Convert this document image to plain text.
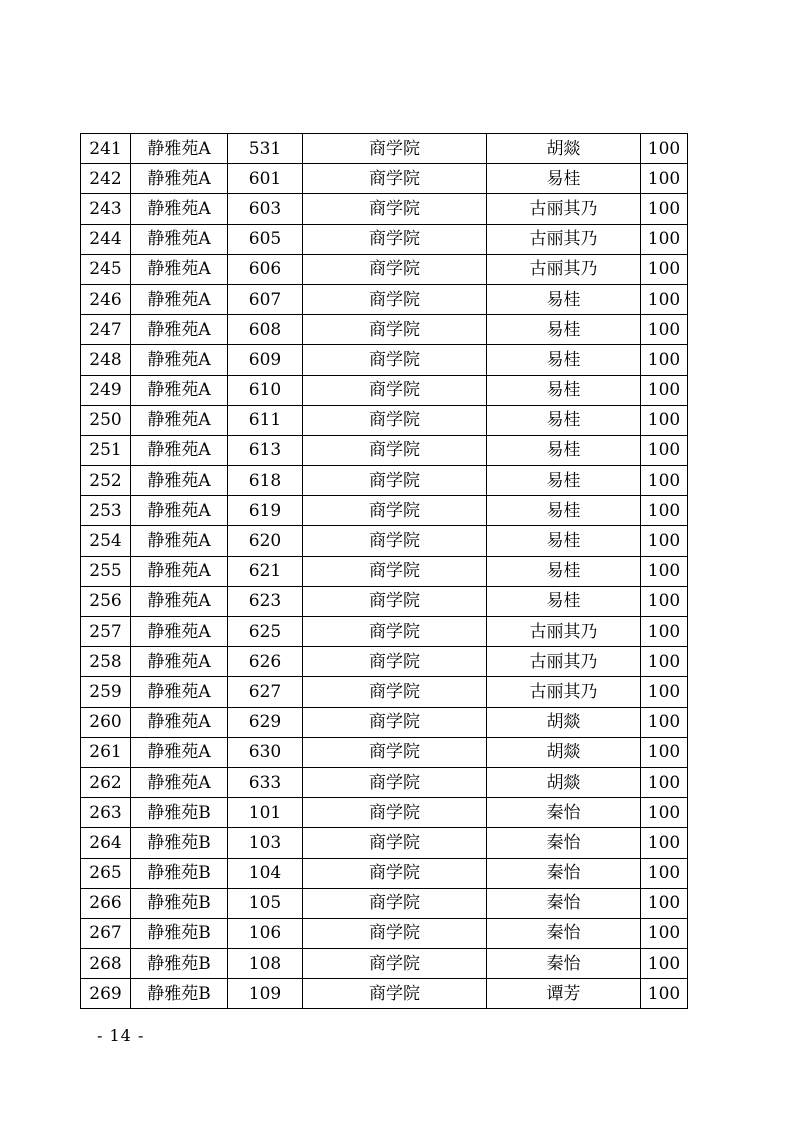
241	静雅苑A	531	商学院	胡燚	100
242	静雅苑A	601	商学院	易桂	100
243	静雅苑A	603	商学院	古丽其乃	100
244	静雅苑A	605	商学院	古丽其乃	100
245	静雅苑A	606	商学院	古丽其乃	100
246	静雅苑A	607	商学院	易桂	100
247	静雅苑A	608	商学院	易桂	100
248	静雅苑A	609	商学院	易桂	100
249	静雅苑A	610	商学院	易桂	100
250	静雅苑A	611	商学院	易桂	100
251	静雅苑A	613	商学院	易桂	100
252	静雅苑A	618	商学院	易桂	100
253	静雅苑A	619	商学院	易桂	100
254	静雅苑A	620	商学院	易桂	100
255	静雅苑A	621	商学院	易桂	100
256	静雅苑A	623	商学院	易桂	100
257	静雅苑A	625	商学院	古丽其乃	100
258	静雅苑A	626	商学院	古丽其乃	100
259	静雅苑A	627	商学院	古丽其乃	100
260	静雅苑A	629	商学院	胡燚	100
261	静雅苑A	630	商学院	胡燚	100
262	静雅苑A	633	商学院	胡燚	100
263	静雅苑B	101	商学院	秦怡	100
264	静雅苑B	103	商学院	秦怡	100
265	静雅苑B	104	商学院	秦怡	100
266	静雅苑B	105	商学院	秦怡	100
267	静雅苑B	106	商学院	秦怡	100
268	静雅苑B	108	商学院	秦怡	100
269	静雅苑B	109	商学院	谭芳	100
- 14 -
